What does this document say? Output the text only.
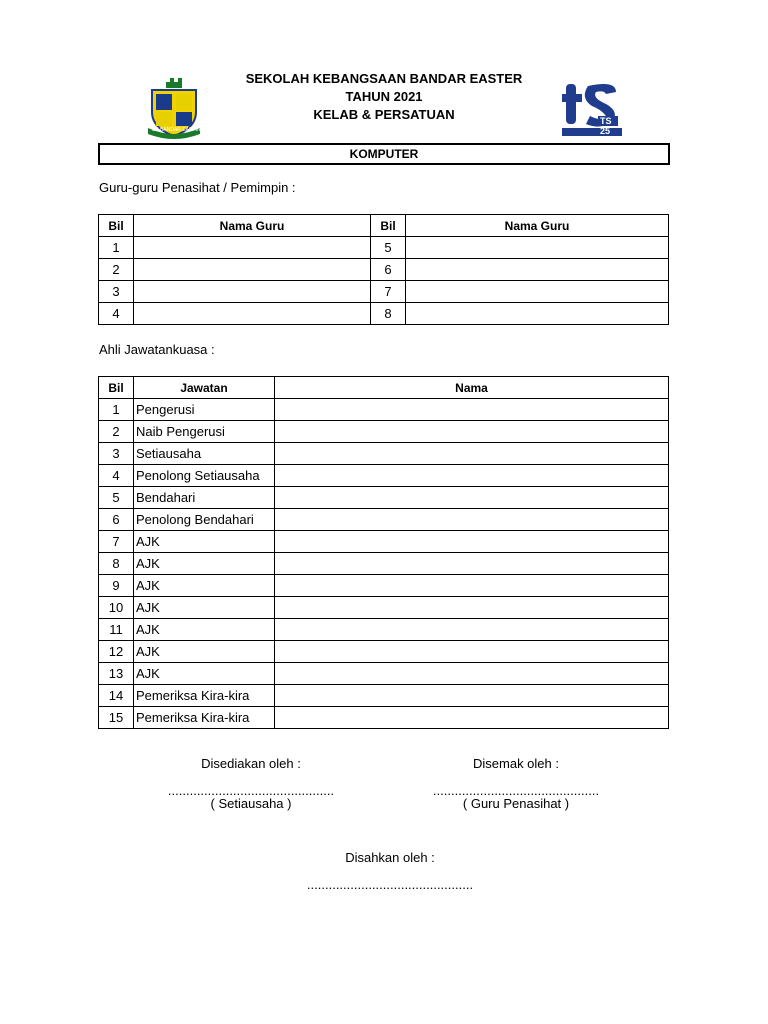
SEKOLAH KEBANGSAAN BANDAR EASTER
TAHUN 2021
KELAB & PERSATUAN
SK BANDAR EASTER
TS 25
KOMPUTER
Guru-guru Penasihat / Pemimpin :
Bil	Nama Guru	Bil	Nama Guru
1		5	
2		6	
3		7	
4		8	
Ahli Jawatankuasa :
Bil	Jawatan	Nama
1	Pengerusi	
2	Naib Pengerusi	
3	Setiausaha	
4	Penolong Setiausaha	
5	Bendahari	
6	Penolong Bendahari	
7	AJK	
8	AJK	
9	AJK	
10	AJK	
11	AJK	
12	AJK	
13	AJK	
14	Pemeriksa Kira-kira	
15	Pemeriksa Kira-kira	
Disediakan oleh :
..............................................
( Setiausaha )
Disemak oleh :
..............................................
( Guru Penasihat )
Disahkan oleh :
..............................................
